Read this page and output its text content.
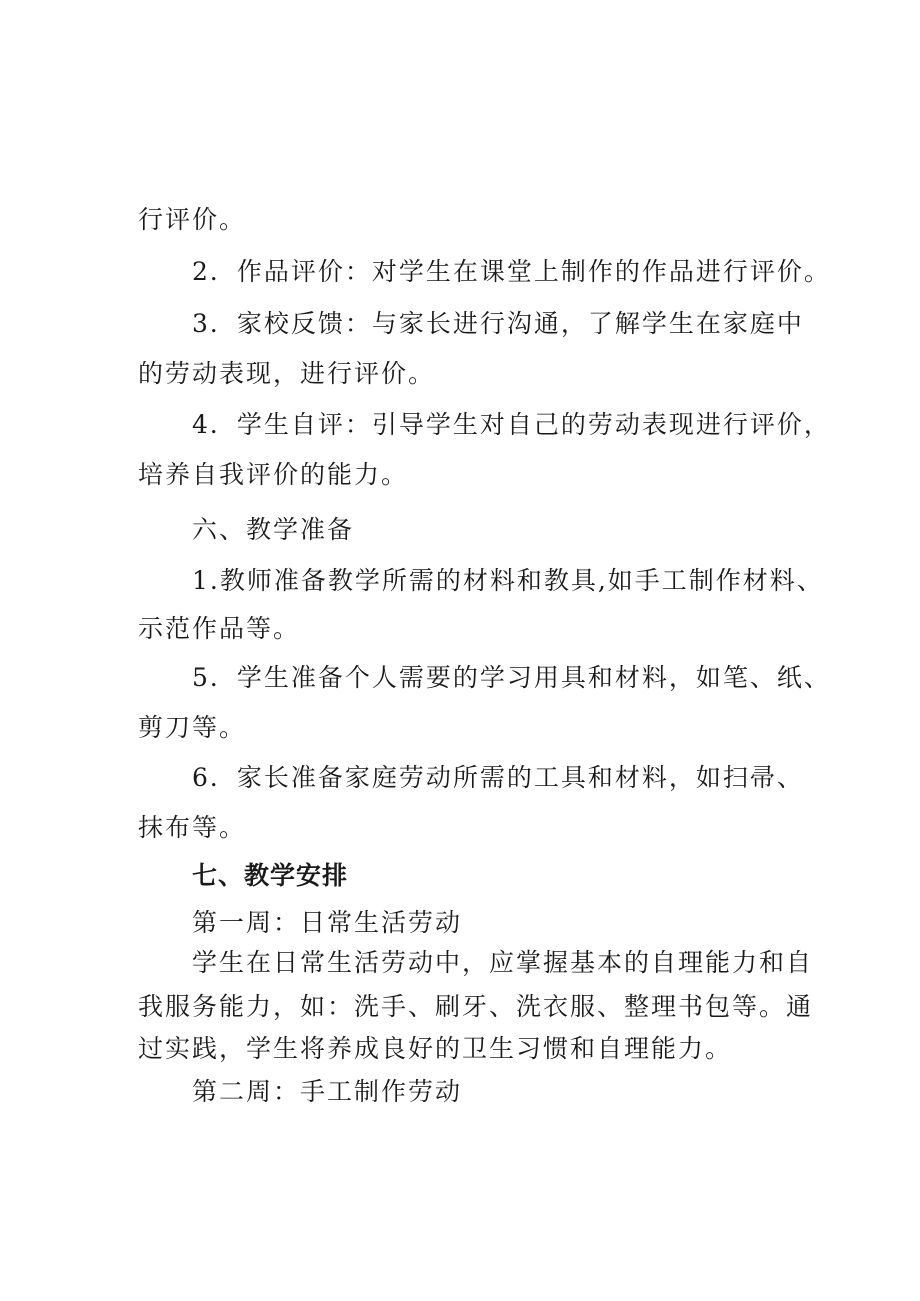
行评价。
2．作品评价：对学生在课堂上制作的作品进行评价。
3．家校反馈：与家长进行沟通，了解学生在家庭中
的劳动表现，进行评价。
4．学生自评：引导学生对自己的劳动表现进行评价，
培养自我评价的能力。
六、教学准备
1.教师准备教学所需的材料和教具,如手工制作材料、
示范作品等。
5．学生准备个人需要的学习用具和材料，如笔、纸、
剪刀等。
6．家长准备家庭劳动所需的工具和材料，如扫帚、
抹布等。
七、教学安排
第一周：日常生活劳动
学生在日常生活劳动中，应掌握基本的自理能力和自
我服务能力，如：洗手、刷牙、洗衣服、整理书包等。通
过实践，学生将养成良好的卫生习惯和自理能力。
第二周：手工制作劳动
